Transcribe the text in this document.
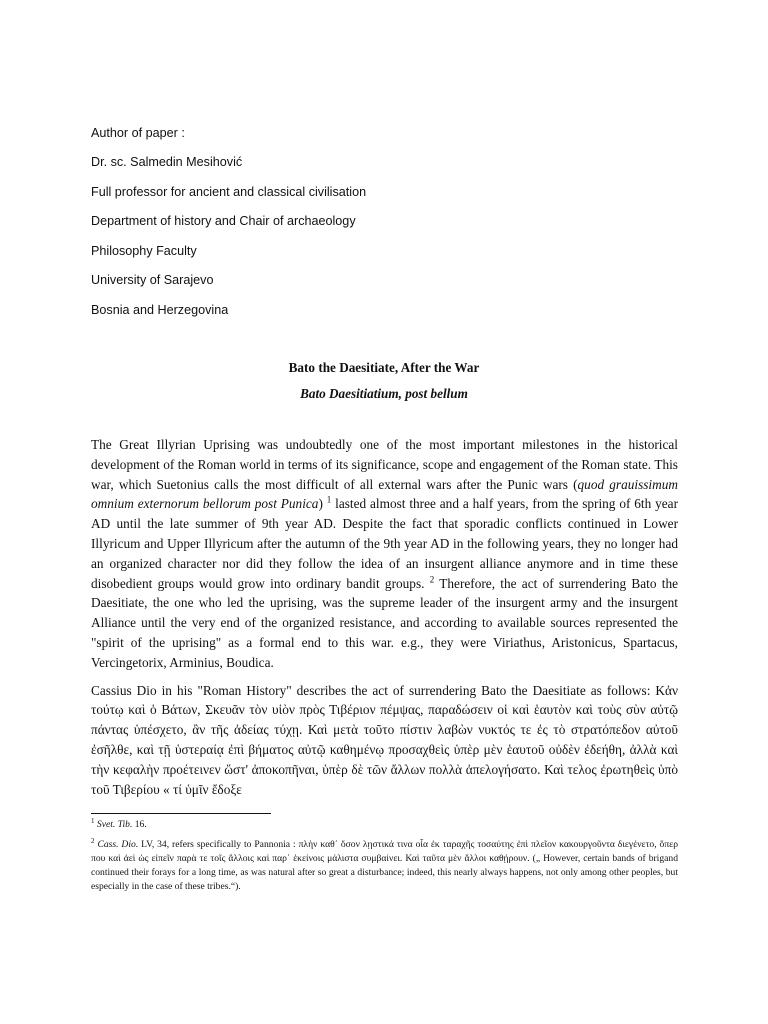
Author of paper :

Dr. sc. Salmedin Mesihović

Full professor for ancient and classical civilisation

Department of history and Chair of archaeology

Philosophy Faculty

University of Sarajevo

Bosnia and Herzegovina

Bato the Daesitiate, After the War
Bato Daesitiatium, post bellum

The Great Illyrian Uprising was undoubtedly one of the most important milestones in the historical development of the Roman world in terms of its significance, scope and engagement of the Roman state. This war, which Suetonius calls the most difficult of all external wars after the Punic wars (quod grauissimum omnium externorum bellorum post Punica) $^1$ lasted almost three and a half years, from the spring of 6th year AD until the late summer of 9th year AD. Despite the fact that sporadic conflicts continued in Lower Illyricum and Upper Illyricum after the autumn of the 9th year AD in the following years, they no longer had an organized character nor did they follow the idea of an insurgent alliance anymore and in time these disobedient groups would grow into ordinary bandit groups. $^2$ Therefore, the act of surrendering Bato the Daesitiate, the one who led the uprising, was the supreme leader of the insurgent army and the insurgent Alliance until the very end of the organized resistance, and according to available sources represented the "spirit of the uprising" as a formal end to this war. e.g., they were Viriathus, Aristonicus, Spartacus, Vercingetorix, Arminius, Boudica.

Cassius Dio in his "Roman History" describes the act of surrendering Bato the Daesitiate as follows: Κἀν τούτῳ καὶ ὁ Βάτων, Σκευᾶν τὸν υἱὸν πρὸς Τιβέριον πέμψας, παραδώσειν οἱ καὶ ἑαυτὸν καὶ τοὺς σὺν αὐτῷ πάντας ὑπέσχετο, ἂν τῆς ἀδείας τύχῃ. Καὶ μετὰ τοῦτο πίστιν λαβὼν νυκτός τε ἐς τὸ στρατόπεδον αὐτοῦ ἐσῆλθε, καὶ τῇ ὑστεραίᾳ ἐπὶ βήματος αὐτῷ καθημένῳ προσαχθεὶς ὑπὲρ μὲν ἑαυτοῦ οὐδὲν ἐδεήθη, ἀλλὰ καὶ τὴν κεφαλὴν προέτεινεν ὥστ' ἀποκοπῆναι, ὑπὲρ δὲ τῶν ἄλλων πολλὰ ἀπελογήσατο. Καὶ τελος ἐρωτηθεὶς ὑπὸ τοῦ Τιβερίου « τί ὑμῖν ἔδοξε

$^1$ Svet. Tib. 16.

$^2$ Cass. Dio. LV, 34, refers specifically to Pannonia : πλὴν καθ΄ ὅσον λῃστικά τινα οἷα ἐκ ταραχῆς τοσαύτης ἐπὶ πλεῖον κακουργοῦντα διεγένετο, ὅπερ που καὶ ἀεὶ ὡς εἰπεῖν παρὰ τε τοῖς ἄλλοις καὶ παρ΄ ἐκείνοις μάλιστα συμβαίνει. Καὶ ταῦτα μὲν ἄλλοι καθῄρουν. („ However, certain bands of brigand continued their forays for a long time, as was natural after so great a disturbance; indeed, this nearly always happens, not only among other peoples, but especially in the case of these tribes.“).
